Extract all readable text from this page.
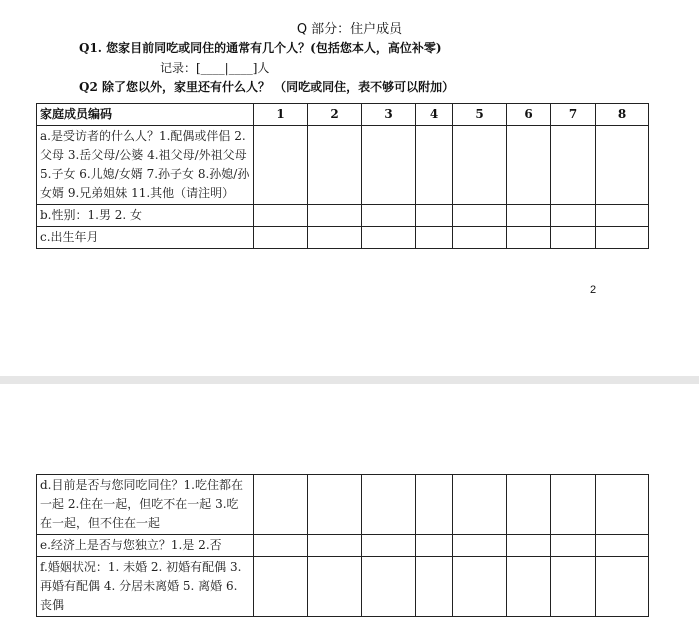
Q 部分：住户成员
Q1. 您家目前同吃或同住的通常有几个人？(包括您本人，高位补零)
记录：[____|____]人
Q2 除了您以外，家里还有什么人？ （同吃或同住，表不够可以附加）
家庭成员编码	1	2	3	4	5	6	7	8
a.是受访者的什么人？1.配偶或伴侣 2.父母 3.岳父母/公婆 4.祖父母/外祖父母 5.子女 6.儿媳/女婿 7.孙子女 8.孙媳/孙女婿 9.兄弟姐妹 11.其他（请注明）								
b.性别：1.男 2. 女								
c.出生年月								
2
d.目前是否与您同吃同住？1.吃住都在一起 2.住在一起，但吃不在一起 3.吃在一起，但不住在一起								
e.经济上是否与您独立？1.是 2.否								
f.婚姻状况：1. 未婚 2. 初婚有配偶 3. 再婚有配偶 4. 分居未离婚 5. 离婚 6. 丧偶								
